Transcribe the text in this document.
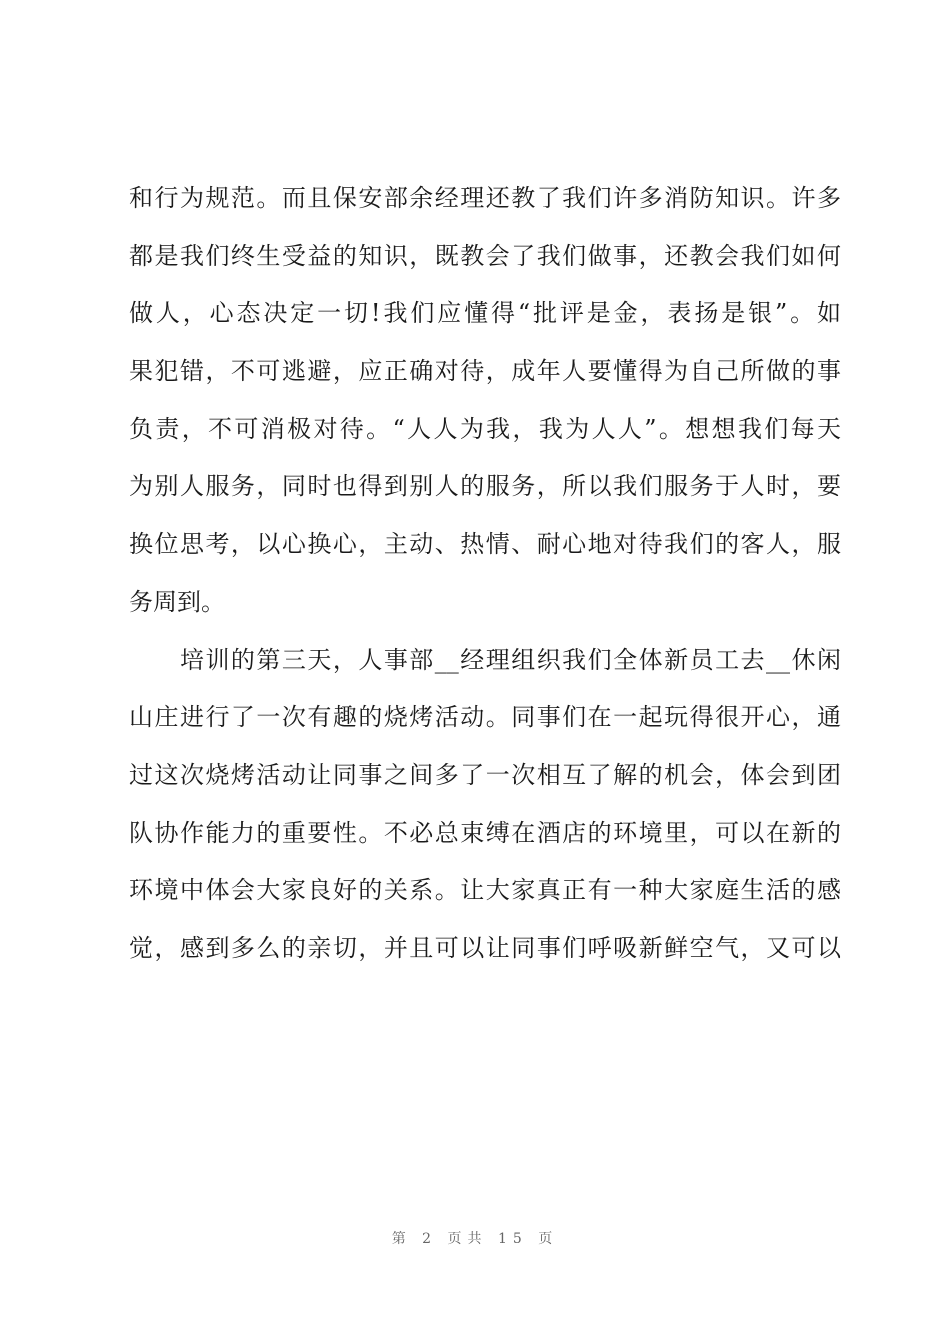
和行为规范。而且保安部余经理还教了我们许多消防知识。许多
都是我们终生受益的知识，既教会了我们做事，还教会我们如何
做人，心态决定一切!我们应懂得“批评是金，表扬是银”。如
果犯错，不可逃避，应正确对待，成年人要懂得为自己所做的事
负责，不可消极对待。“人人为我，我为人人”。想想我们每天
为别人服务，同时也得到别人的服务，所以我们服务于人时，要
换位思考，以心换心，主动、热情、耐心地对待我们的客人，服
务周到。
　　培训的第三天，人事部__经理组织我们全体新员工去__休闲
山庄进行了一次有趣的烧烤活动。同事们在一起玩得很开心，通
过这次烧烤活动让同事之间多了一次相互了解的机会，体会到团
队协作能力的重要性。不必总束缚在酒店的环境里，可以在新的
环境中体会大家良好的关系。让大家真正有一种大家庭生活的感
觉，感到多么的亲切，并且可以让同事们呼吸新鲜空气，又可以
第 2 页共 15 页
